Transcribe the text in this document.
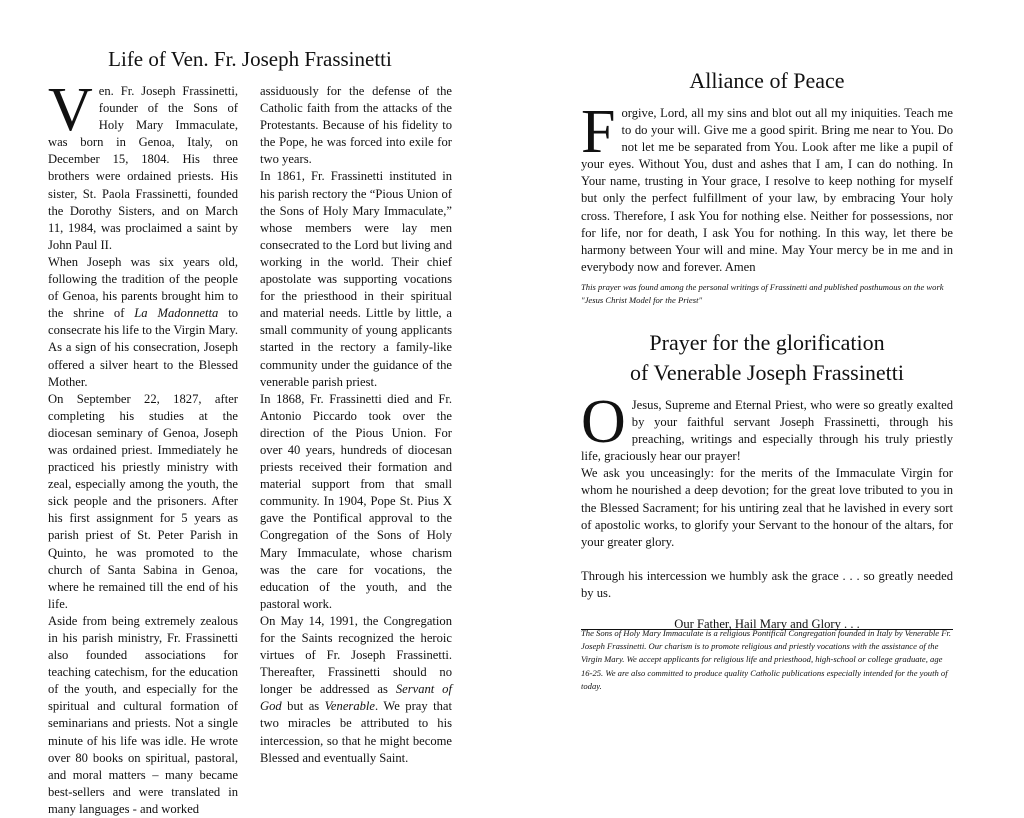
Life of Ven. Fr. Joseph Frassinetti
V en. Fr. Joseph Frassinetti, founder of the Sons of Holy Mary Immaculate, was born in Genoa, Italy, on December 15, 1804. His three brothers were ordained priests. His sister, St. Paola Frassinetti, founded the Dorothy Sisters, and on March 11, 1984, was proclaimed a saint by John Paul II.

When Joseph was six years old, following the tradition of the people of Genoa, his parents brought him to the shrine of La Madonnetta to consecrate his life to the Virgin Mary. As a sign of his consecration, Joseph offered a silver heart to the Blessed Mother.

On September 22, 1827, after completing his studies at the diocesan seminary of Genoa, Joseph was ordained priest. Immediately he practiced his priestly ministry with zeal, especially among the youth, the sick people and the prisoners. After his first assignment for 5 years as parish priest of St. Peter Parish in Quinto, he was promoted to the church of Santa Sabina in Genoa, where he remained till the end of his life.

Aside from being extremely zealous in his parish ministry, Fr. Frassinetti also founded associations for teaching catechism, for the education of the youth, and especially for the spiritual and cultural formation of seminarians and priests. Not a single minute of his life was idle. He wrote over 80 books on spiritual, pastoral, and moral matters – many became best-sellers and were translated in many languages - and worked

assiduously for the defense of the Catholic faith from the attacks of the Protestants. Because of his fidelity to the Pope, he was forced into exile for two years.

In 1861, Fr. Frassinetti instituted in his parish rectory the “Pious Union of the Sons of Holy Mary Immaculate,” whose members were lay men consecrated to the Lord but living and working in the world. Their chief apostolate was supporting vocations for the priesthood in their spiritual and material needs. Little by little, a small community of young applicants started in the rectory a family-like community under the guidance of the venerable parish priest.

In 1868, Fr. Frassinetti died and Fr. Antonio Piccardo took over the direction of the Pious Union. For over 40 years, hundreds of diocesan priests received their formation and material support from that small community. In 1904, Pope St. Pius X gave the Pontifical approval to the Congregation of the Sons of Holy Mary Immaculate, whose charism was the care for vocations, the education of the youth, and the pastoral work.

On May 14, 1991, the Congregation for the Saints recognized the heroic virtues of Fr. Joseph Frassinetti. Thereafter, Frassinetti should no longer be addressed as Servant of God but as Venerable. We pray that two miracles be attributed to his intercession, so that he might become Blessed and eventually Saint.

Alliance of Peace
F orgive, Lord, all my sins and blot out all my iniquities. Teach me to do your will. Give me a good spirit. Bring me near to You. Do not let me be separated from You. Look after me like a pupil of your eyes. Without You, dust and ashes that I am, I can do nothing. In Your name, trusting in Your grace, I resolve to keep nothing for myself but only the perfect fulfillment of your law, by embracing Your holy cross. Therefore, I ask You for nothing else. Neither for possessions, nor for life, nor for death, I ask You for nothing. In this way, let there be harmony between Your will and mine. May Your mercy be in me and in everybody now and forever. Amen

This prayer was found among the personal writings of Frassinetti and published posthumous on the work "Jesus Christ Model for the Priest"
Prayer for the glorification
of Venerable Joseph Frassinetti
O Jesus, Supreme and Eternal Priest, who were so greatly exalted by your faithful servant Joseph Frassinetti, through his preaching, writings and especially through his truly priestly life, graciously hear our prayer!

We ask you unceasingly: for the merits of the Immaculate Virgin for whom he nourished a deep devotion; for the great love tributed to you in the Blessed Sacrament; for his untiring zeal that he lavished in every sort of apostolic works, to glorify your Servant to the honour of the altars, for your greater glory.

Through his intercession we humbly ask the grace . . . so greatly needed by us.

Our Father, Hail Mary and Glory . . .

The Sons of Holy Mary Immaculate is a religious Pontifical Congregation founded in Italy by Venerable Fr. Joseph Frassinetti. Our charism is to promote religious and priestly vocations with the assistance of the Virgin Mary. We accept applicants for religious life and priesthood, high-school or college graduate, age 16-25. We are also committed to produce quality Catholic publications especially intended for the youth of today.
